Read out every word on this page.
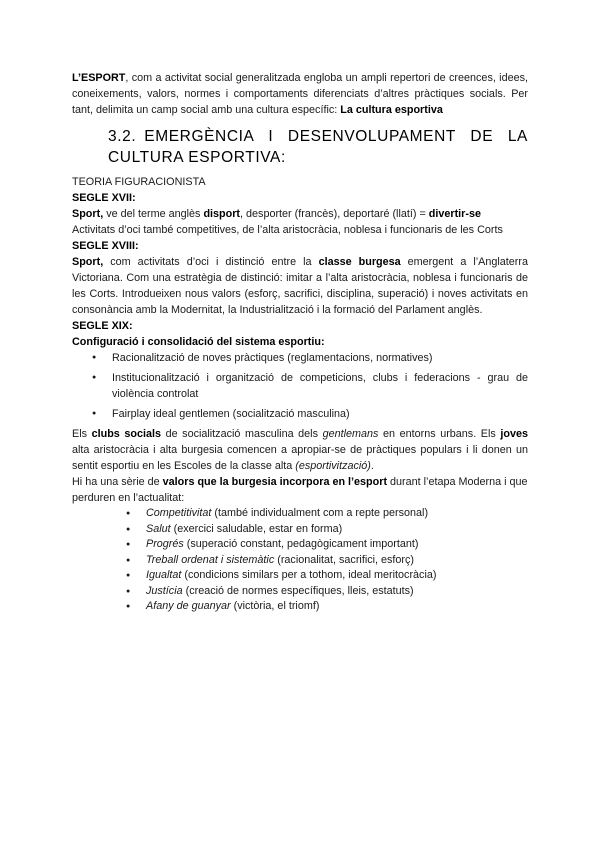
L’ESPORT, com a activitat social generalitzada engloba un ampli repertori de creences, idees, coneixements, valors, normes i comportaments diferenciats d’altres pràctiques socials. Per tant, delimita un camp social amb una cultura específic: La cultura esportiva

3.2. EMERGÈNCIA I DESENVOLUPAMENT DE LA CULTURA ESPORTIVA:

TEORIA FIGURACIONISTA

SEGLE XVII:

Sport, ve del terme anglès disport, desporter (francès), deportaré (llatí) = divertir-se

Activitats d’oci també competitives, de l’alta aristocràcia, noblesa i funcionaris de les Corts

SEGLE XVIII:

Sport, com activitats d’oci i distinció entre la classe burgesa emergent a l’Anglaterra Victoriana. Com una estratègia de distinció: imitar a l’alta aristocràcia, noblesa i funcionaris de les Corts. Introdueixen nous valors (esforç, sacrifici, disciplina, superació) i noves activitats en consonància amb la Modernitat, la Industrialització i la formació del Parlament anglès.

SEGLE XIX:

Configuració i consolidació del sistema esportiu:

● Racionalització de noves pràctiques (reglamentacions, normatives)
● Institucionalització i organització de competicions, clubs i federacions - grau de violència controlat
● Fairplay ideal gentlemen (socialització masculina)

Els clubs socials de socialització masculina dels gentlemans en entorns urbans. Els joves alta aristocràcia i alta burgesia comencen a apropiar-se de pràctiques populars i li donen un sentit esportiu en les Escoles de la classe alta (esportivització).

Hi ha una sèrie de valors que la burgesia incorpora en l’esport durant l’etapa Moderna i que perduren en l’actualitat:

● Competitivitat (també individualment com a repte personal)
● Salut (exercici saludable, estar en forma)
● Progrés (superació constant, pedagògicament important)
● Treball ordenat i sistemàtic (racionalitat, sacrifici, esforç)
● Igualtat (condicions similars per a tothom, ideal meritocràcia)
● Justícia (creació de normes específiques, lleis, estatuts)
● Afany de guanyar (victòria, el triomf)
